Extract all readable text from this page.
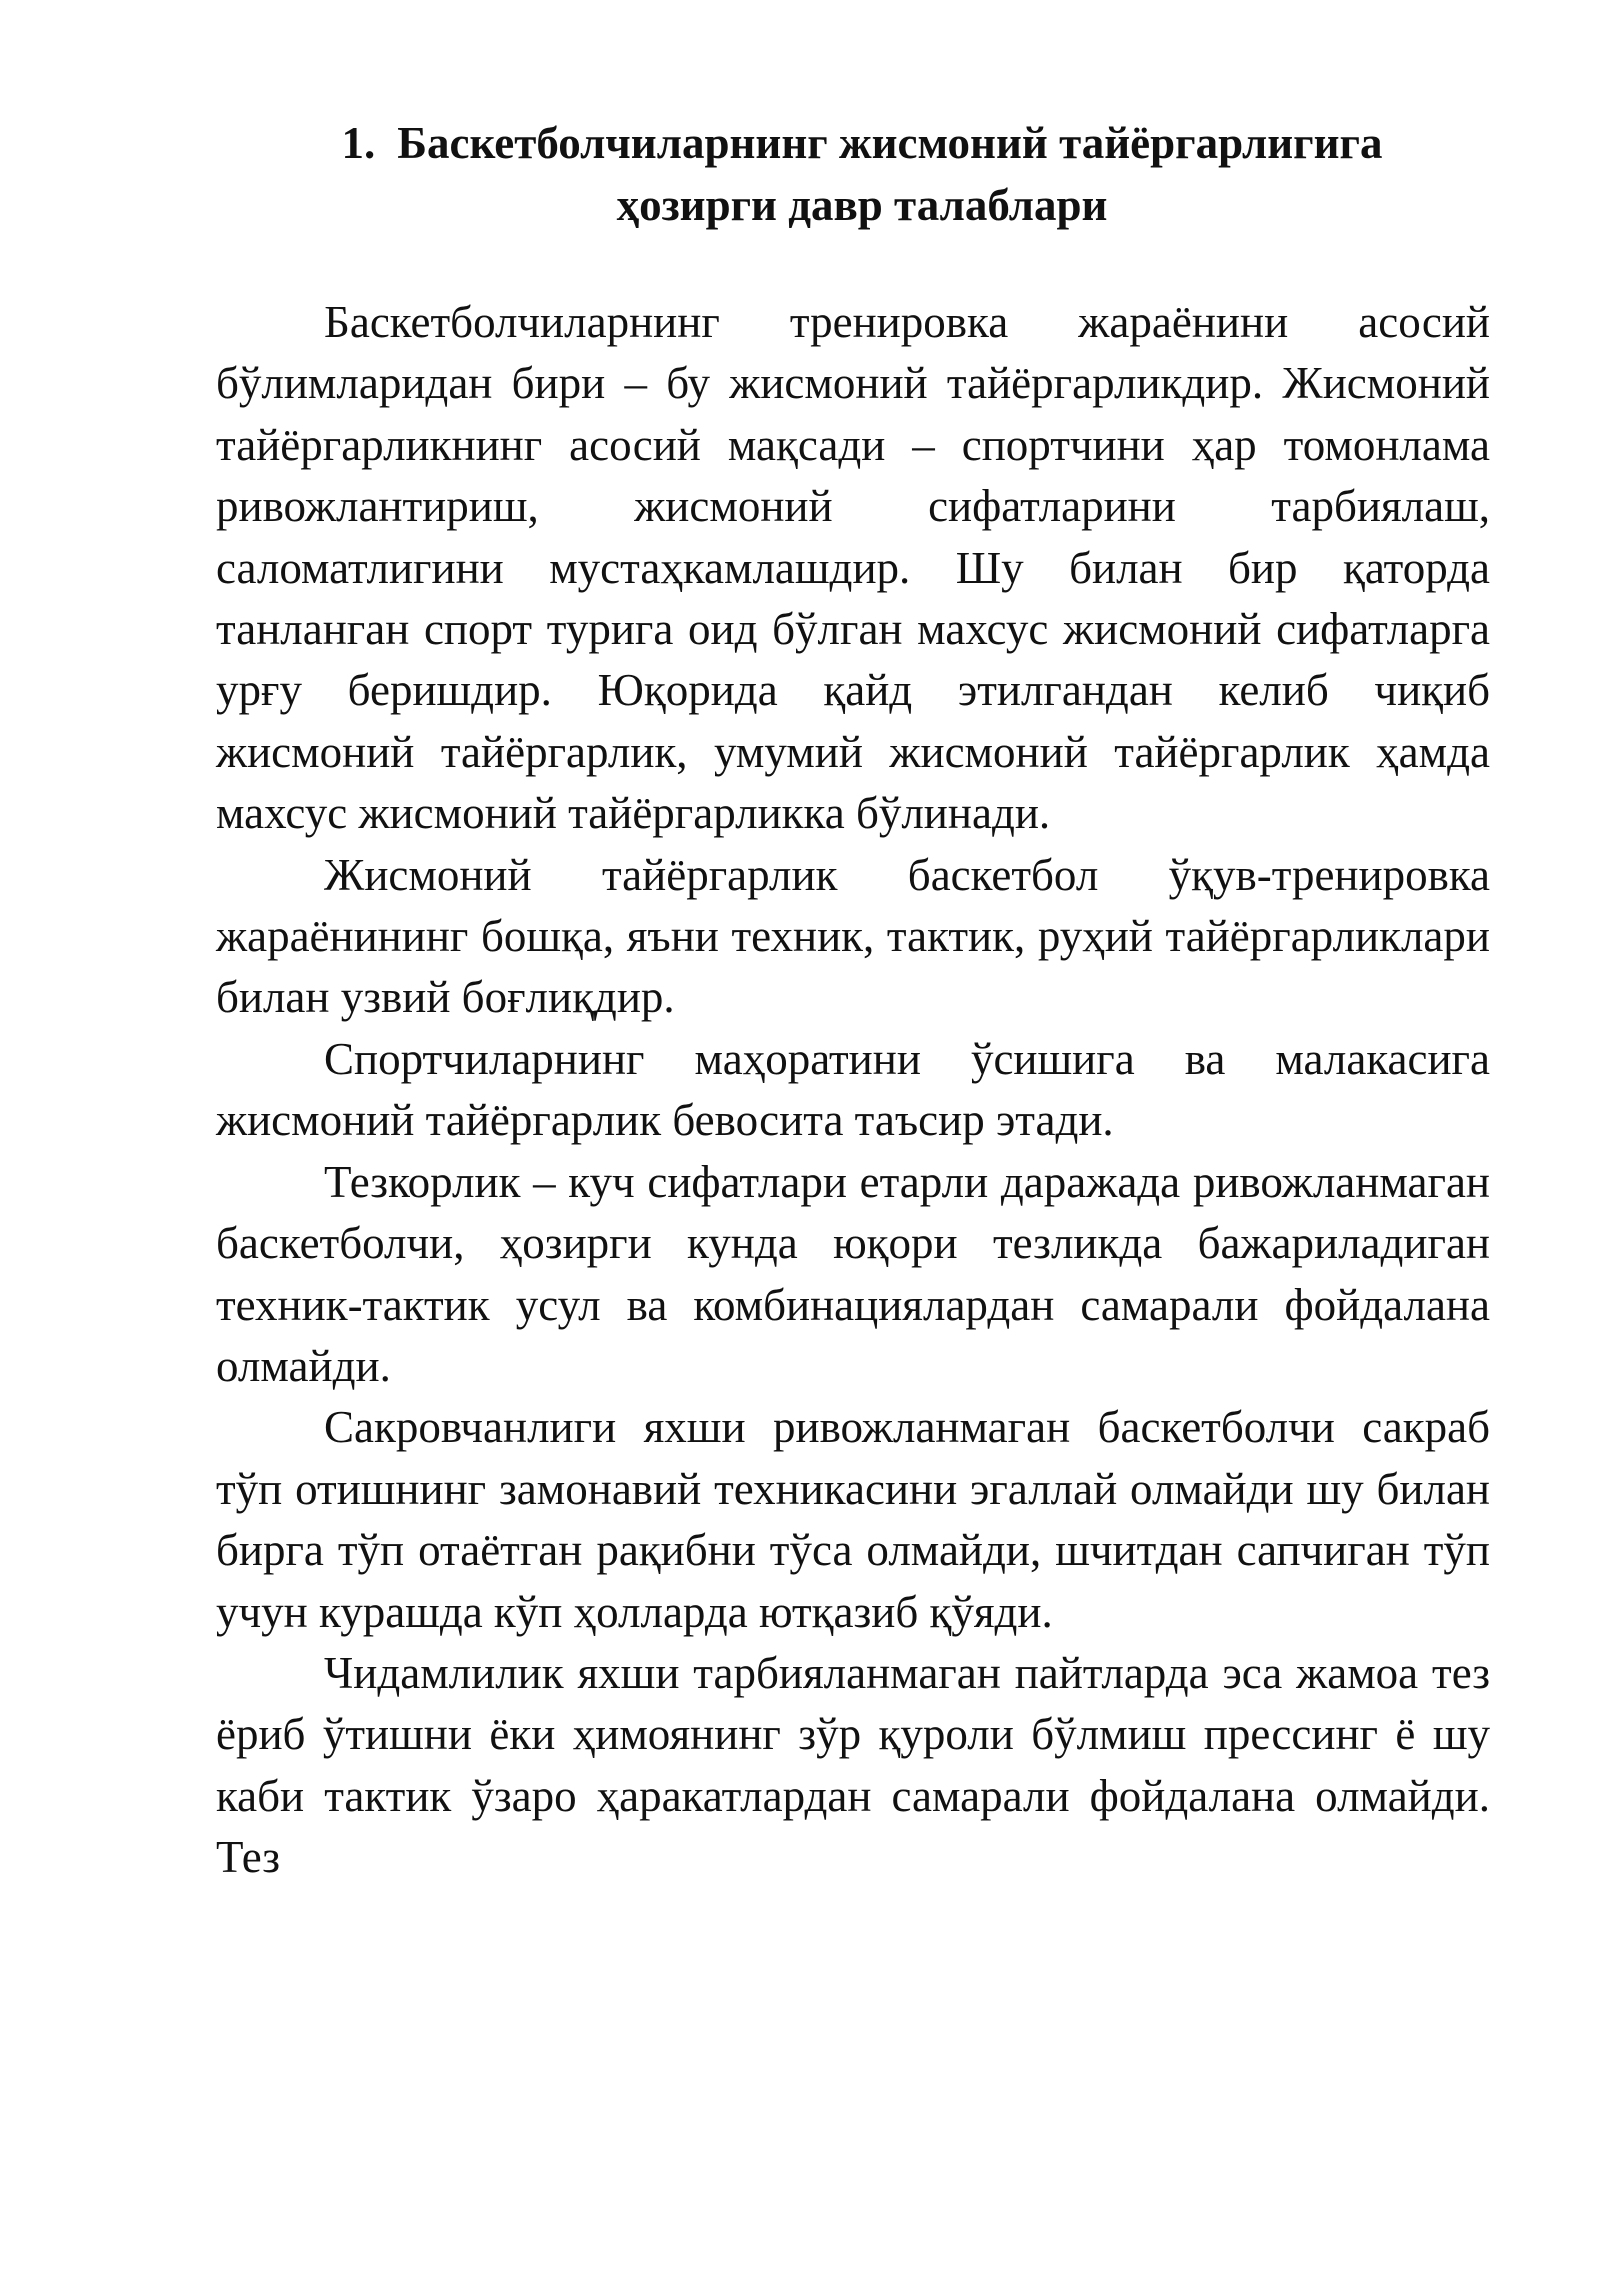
1. Баскетболчиларнинг жисмоний тайёргарлигига
ҳозирги давр талаблари

Баскетболчиларнинг тренировка жараёнини асосий бўлимларидан бири – бу жисмоний тайёргарликдир. Жисмоний тайёргарликнинг асосий мақсади – спортчини ҳар томонлама ривожлантириш, жисмоний сифатларини тарбиялаш, саломатлигини мустаҳкамлашдир. Шу билан бир қаторда танланган спорт турига оид бўлган махсус жисмоний сифатларга урғу беришдир. Юқорида қайд этилгандан келиб чиқиб жисмоний тайёргарлик, умумий жисмоний тайёргарлик ҳамда махсус жисмоний тайёргарликка бўлинади.

Жисмоний тайёргарлик баскетбол ўқув-тренировка жараёнининг бошқа, яъни техник, тактик, руҳий тайёргарликлари билан узвий боғлиқдир.

Спортчиларнинг маҳоратини ўсишига ва малакасига жисмоний тайёргарлик бевосита таъсир этади.

Тезкорлик – куч сифатлари етарли даражада ривожланмаган баскетболчи, ҳозирги кунда юқори тезликда бажариладиган техник-тактик усул ва комбинациялардан самарали фойдалана олмайди.

Сакровчанлиги яхши ривожланмаган баскетболчи сакраб тўп отишнинг замонавий техникасини эгаллай олмайди шу билан бирга тўп отаётган рақибни тўса олмайди, шчитдан сапчиган тўп учун курашда кўп ҳолларда ютқазиб қўяди.

Чидамлилик яхши тарбияланмаган пайтларда эса жамоа тез ёриб ўтишни ёки ҳимоянинг зўр қуроли бўлмиш прессинг ё шу каби тактик ўзаро ҳаракатлардан самарали фойдалана олмайди. Тез
